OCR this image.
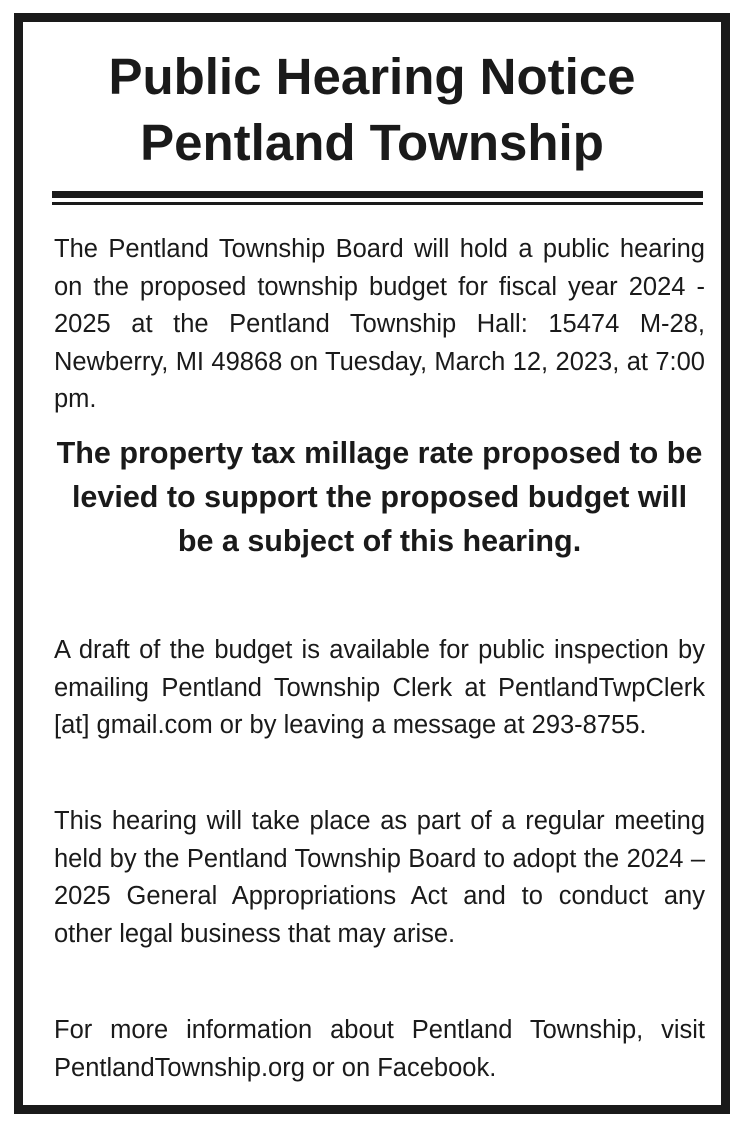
Public Hearing Notice
Pentland Township

The Pentland Township Board will hold a public hearing on the proposed township budget for fiscal year 2024 - 2025 at the Pentland Township Hall: 15474 M-28, Newberry, MI 49868 on Tuesday, March 12, 2023, at 7:00 pm.

The property tax millage rate proposed to be levied to support the proposed budget will be a subject of this hearing.

A draft of the budget is available for public inspection by emailing Pentland Township Clerk at PentlandTwpClerk [at] gmail.com or by leaving a message at 293-8755.

This hearing will take place as part of a regular meeting held by the Pentland Township Board to adopt the 2024 – 2025 General Appropriations Act and to conduct any other legal business that may arise.

For more information about Pentland Township, visit PentlandTownship.org or on Facebook.
